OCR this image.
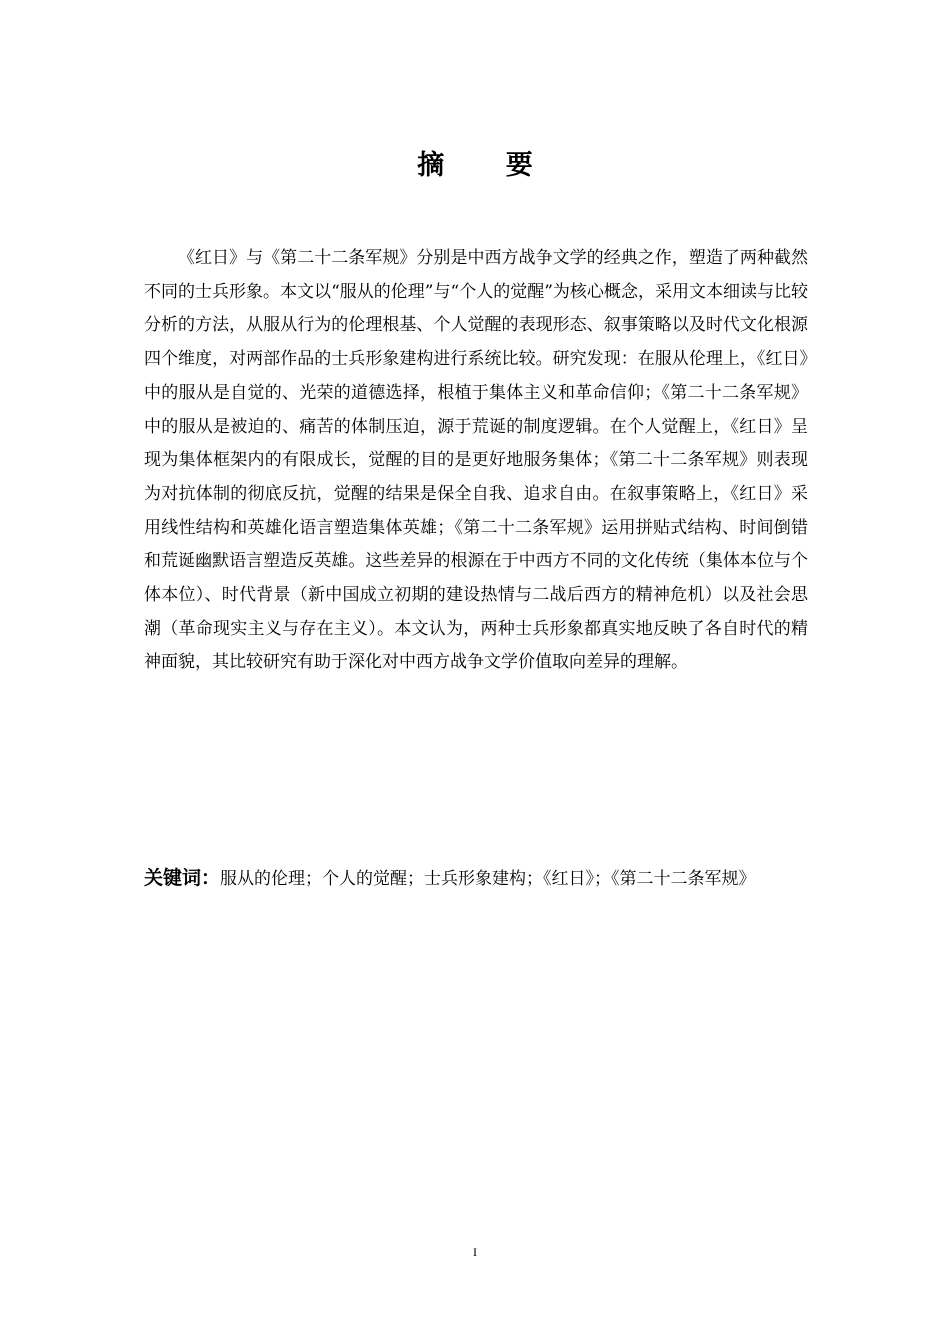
摘 要

《红日》与《第二十二条军规》分别是中西方战争文学的经典之作，塑造了两种截然不同的士兵形象。本文以“服从的伦理”与“个人的觉醒”为核心概念，采用文本细读与比较分析的方法，从服从行为的伦理根基、个人觉醒的表现形态、叙事策略以及时代文化根源四个维度，对两部作品的士兵形象建构进行系统比较。研究发现：在服从伦理上，《红日》中的服从是自觉的、光荣的道德选择，根植于集体主义和革命信仰；《第二十二条军规》中的服从是被迫的、痛苦的体制压迫，源于荒诞的制度逻辑。在个人觉醒上，《红日》呈现为集体框架内的有限成长，觉醒的目的是更好地服务集体；《第二十二条军规》则表现为对抗体制的彻底反抗，觉醒的结果是保全自我、追求自由。在叙事策略上，《红日》采用线性结构和英雄化语言塑造集体英雄；《第二十二条军规》运用拼贴式结构、时间倒错和荒诞幽默语言塑造反英雄。这些差异的根源在于中西方不同的文化传统（集体本位与个体本位）、时代背景（新中国成立初期的建设热情与二战后西方的精神危机）以及社会思潮（革命现实主义与存在主义）。本文认为，两种士兵形象都真实地反映了各自时代的精神面貌，其比较研究有助于深化对中西方战争文学价值取向差异的理解。

关键词：服从的伦理；个人的觉醒；士兵形象建构；《红日》；《第二十二条军规》

I
